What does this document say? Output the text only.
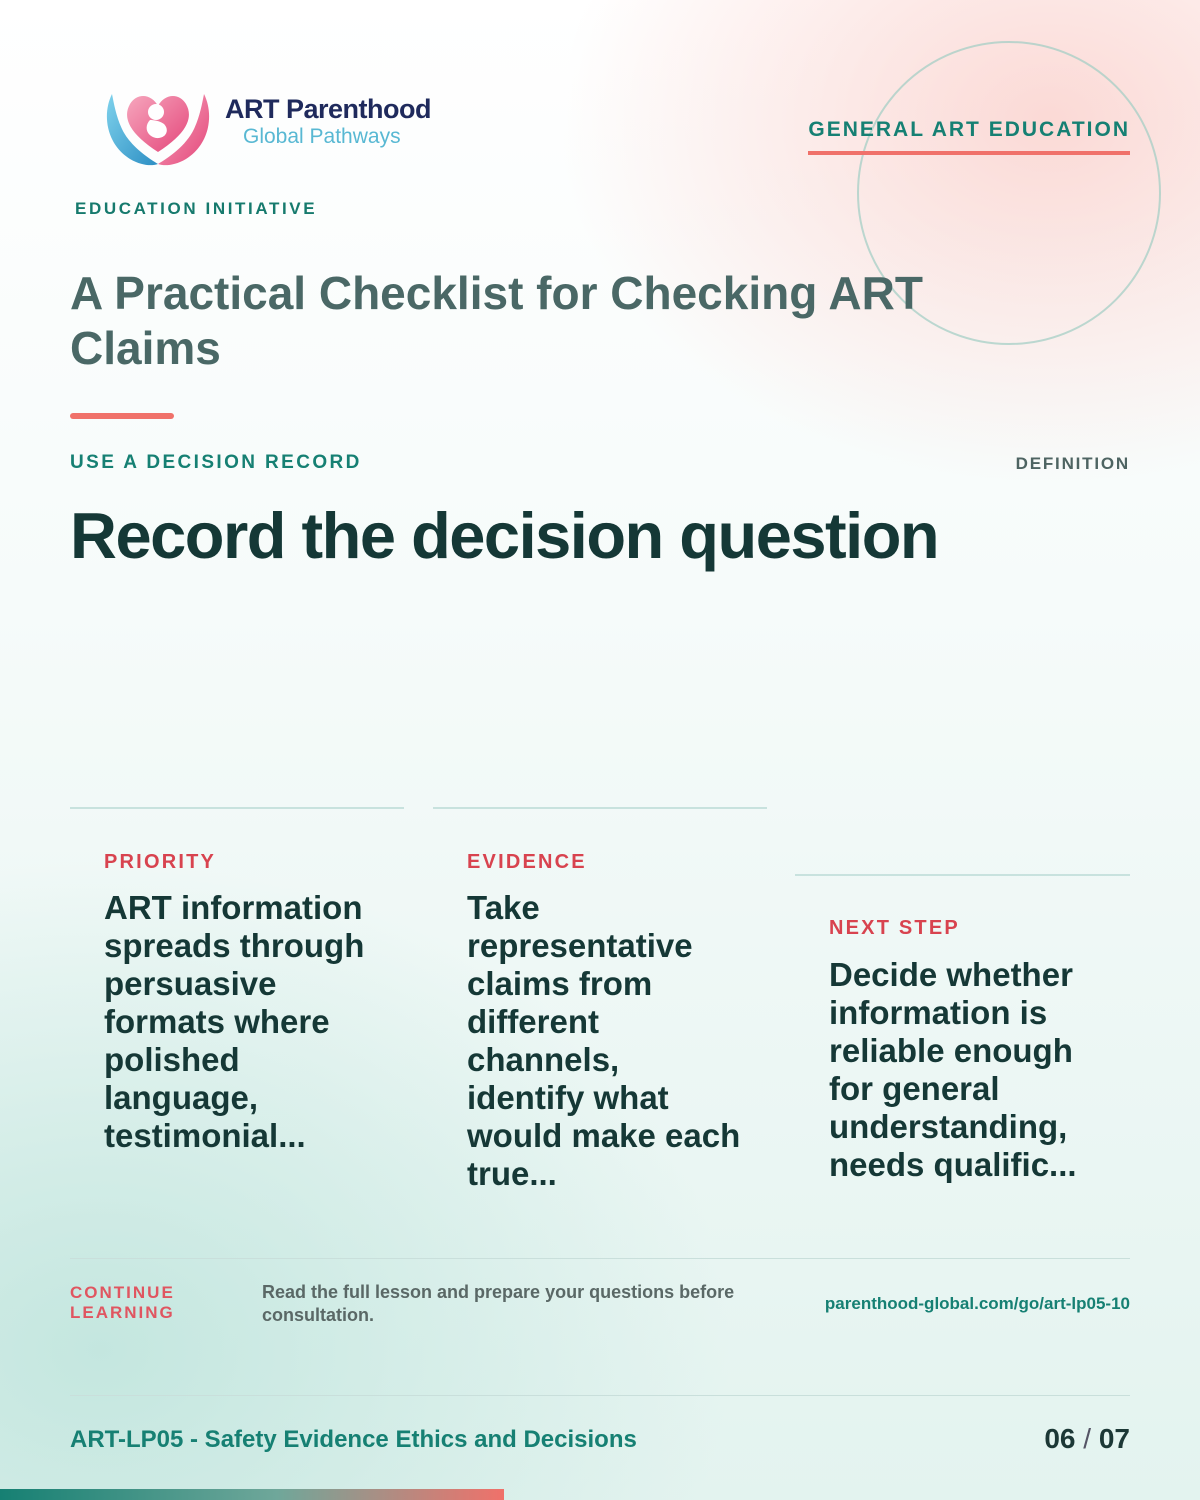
ART Parenthood
Global Pathways
EDUCATION INITIATIVE
GENERAL ART EDUCATION
A Practical Checklist for Checking ART Claims
USE A DECISION RECORD	DEFINITION
Record the decision question
PRIORITY
ART information spreads through persuasive formats where polished language, testimonial...
EVIDENCE
Take representative claims from different channels, identify what would make each true...
NEXT STEP
Decide whether information is reliable enough for general understanding, needs qualific...
CONTINUE LEARNING
Read the full lesson and prepare your questions before consultation.
parenthood-global.com/go/art-lp05-10
ART-LP05 - Safety Evidence Ethics and Decisions	06 / 07
